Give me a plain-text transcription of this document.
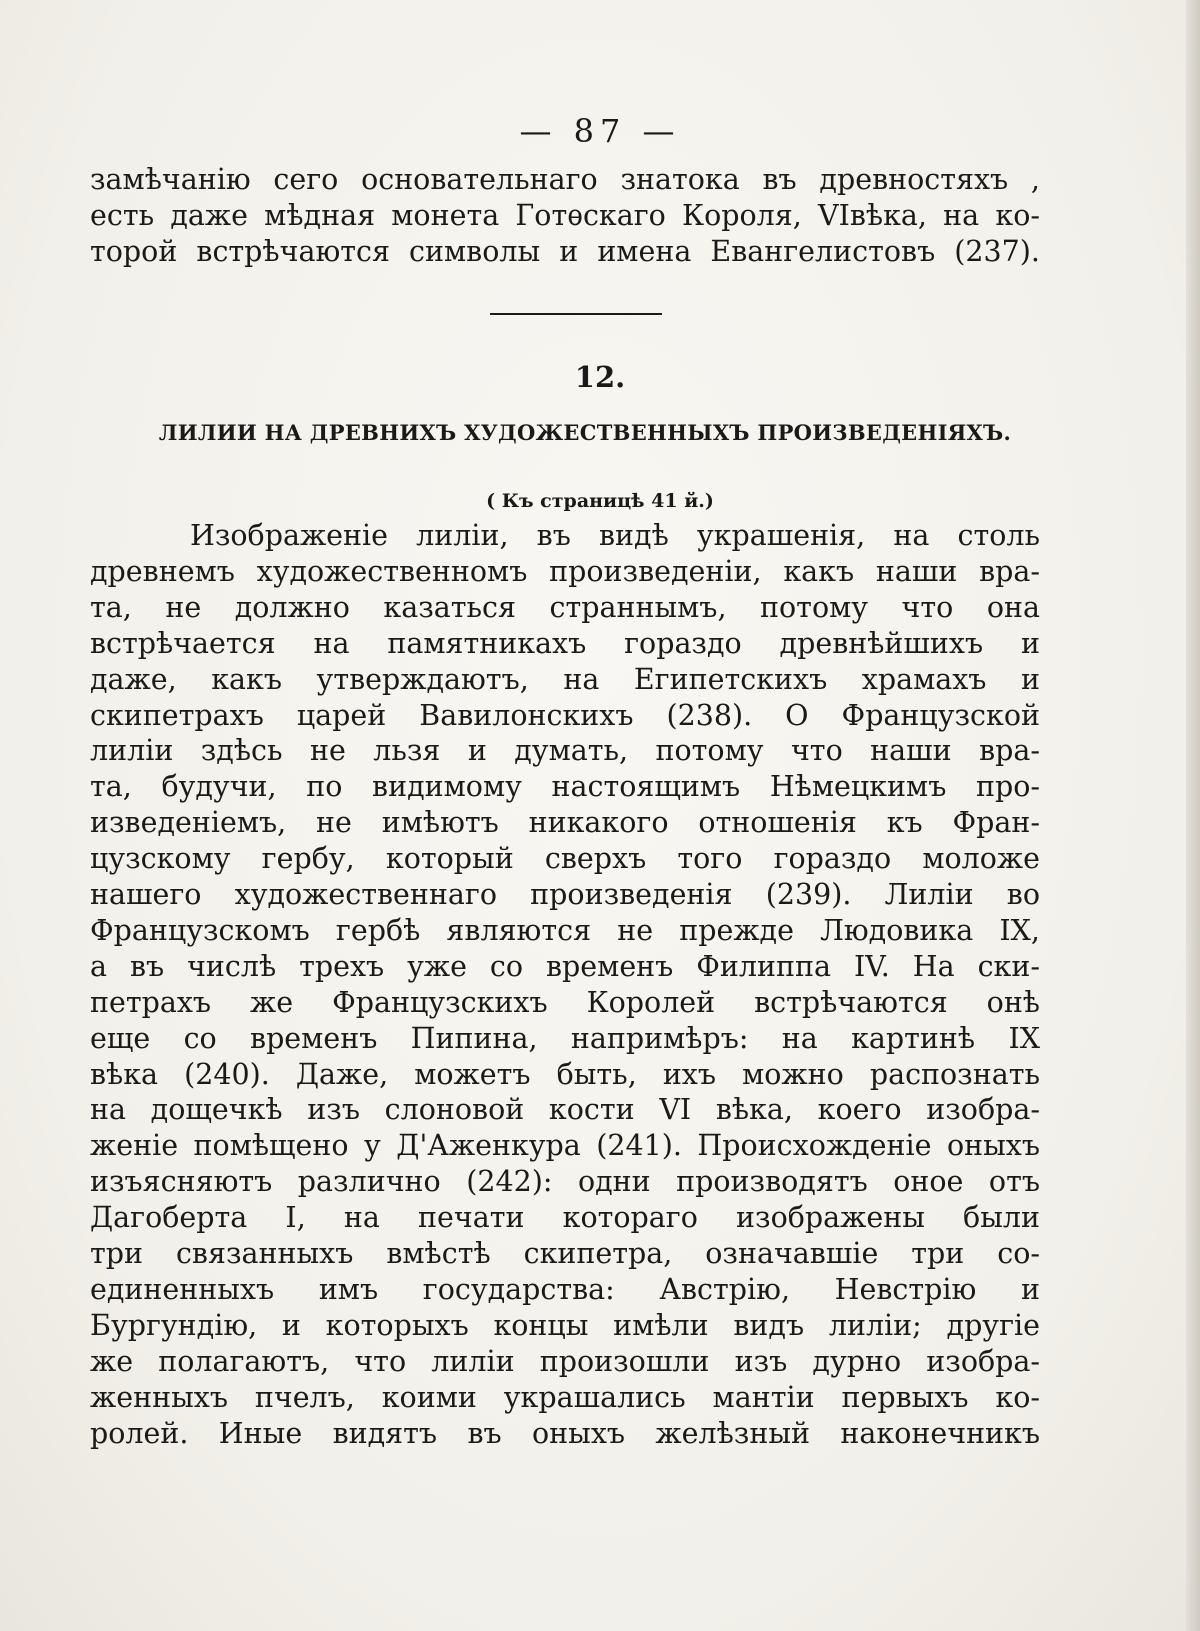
— 87 —
замѣчанію сего основательнаго знатока въ древностяхъ ,
есть даже мѣдная монета Готѳскаго Короля, VIвѣка, на ко-
торой встрѣчаются символы и имена Евангелистовъ (237).
12.
ЛИЛИИ НА ДРЕВНИХЪ ХУДОЖЕСТВЕННЫХЪ ПРОИЗВЕДЕНІЯХЪ.
( Къ страницѣ 41 й.)
Изображеніе лиліи, въ видѣ украшенія, на столь
древнемъ художественномъ произведеніи, какъ наши вра-
та, не должно казаться страннымъ, потому что она
встрѣчается на памятникахъ гораздо древнѣйшихъ и
даже, какъ утверждаютъ, на Египетскихъ храмахъ и
скипетрахъ царей Вавилонскихъ (238). О Французской
лиліи здѣсь не льзя и думать, потому что наши вра-
та, будучи, по видимому настоящимъ Нѣмецкимъ про-
изведеніемъ, не имѣютъ никакого отношенія къ Фран-
цузскому гербу, который сверхъ того гораздо моложе
нашего художественнаго произведенія (239). Лиліи во
Французскомъ гербѣ являются не прежде Людовика IX,
а въ числѣ трехъ уже со временъ Филиппа IV. На ски-
петрахъ же Французскихъ Королей встрѣчаются онѣ
еще со временъ Пипина, напримѣръ: на картинѣ IX
вѣка (240). Даже, можетъ быть, ихъ можно распознать
на дощечкѣ изъ слоновой кости VI вѣка, коего изобра-
женіе помѣщено у Д'Аженкура (241). Происхожденіе оныхъ
изъясняютъ различно (242): одни производятъ оное отъ
Дагоберта I, на печати котораго изображены были
три связанныхъ вмѣстѣ скипетра, означавшіе три со-
единенныхъ имъ государства: Австрію, Невстрію и
Бургундію, и которыхъ концы имѣли видъ лиліи; другіе
же полагаютъ, что лиліи произошли изъ дурно изобра-
женныхъ пчелъ, коими украшались мантіи первыхъ ко-
ролей. Иные видятъ въ оныхъ желѣзный наконечникъ
